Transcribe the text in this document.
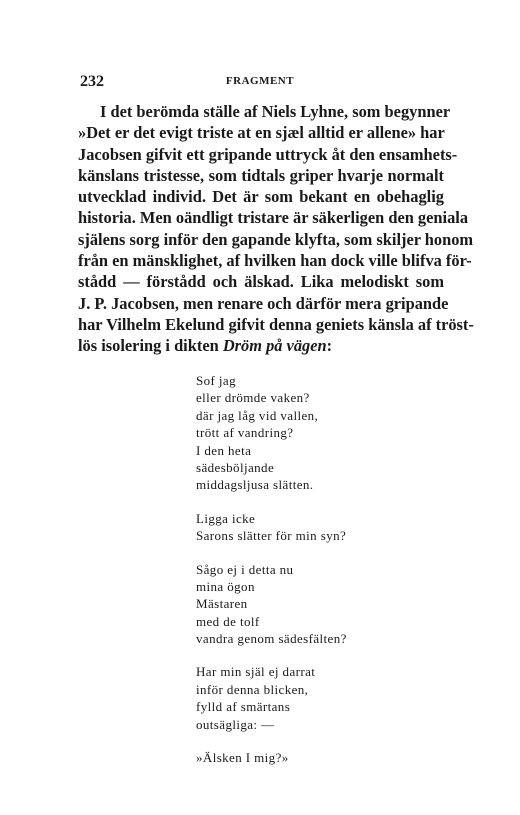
232	FRAGMENT
I det berömda ställe af Niels Lyhne, som begynner
»Det er det evigt triste at en sjæl alltid er allene» har
Jacobsen gifvit ett gripande uttryck åt den ensamhets-
känslans tristesse, som tidtals griper hvarje normalt
utvecklad individ. Det är som bekant en obehaglig
historia. Men oändligt tristare är säkerligen den geniala
själens sorg inför den gapande klyfta, som skiljer honom
från en mänsklighet, af hvilken han dock ville blifva för-
stådd — förstådd och älskad. Lika melodiskt som
J. P. Jacobsen, men renare och därför mera gripande
har Vilhelm Ekelund gifvit denna geniets känsla af tröst-
lös isolering i dikten Dröm på vägen:
Sof jag
eller drömde vaken?
där jag låg vid vallen,
trött af vandring?
I den heta
sädesböljande
middagsljusa slätten.
Ligga icke
Sarons slätter för min syn?
Sågo ej i detta nu
mina ögon
Mästaren
med de tolf
vandra genom sädesfälten?
Har min själ ej darrat
inför denna blicken,
fylld af smärtans
outsägliga: —
»Älsken I mig?»
